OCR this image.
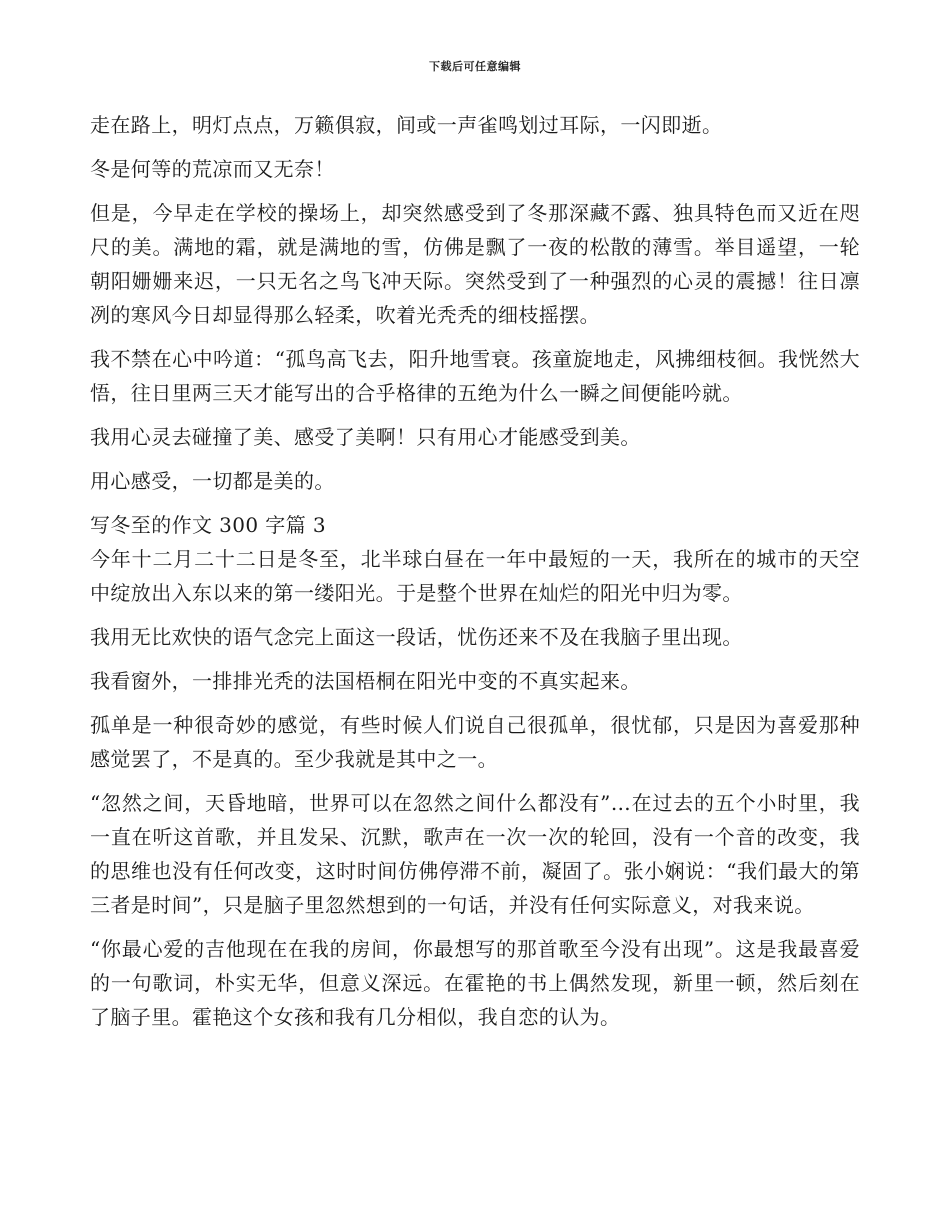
下载后可任意编辑

走在路上，明灯点点，万籁俱寂，间或一声雀鸣划过耳际，一闪即逝。

冬是何等的荒凉而又无奈！

但是，今早走在学校的操场上，却突然感受到了冬那深藏不露、独具特色而又近在咫尺的美。满地的霜，就是满地的雪，仿佛是飘了一夜的松散的薄雪。举目遥望，一轮朝阳姗姗来迟，一只无名之鸟飞冲天际。突然受到了一种强烈的心灵的震撼！往日凛冽的寒风今日却显得那么轻柔，吹着光秃秃的细枝摇摆。

我不禁在心中吟道：“孤鸟高飞去，阳升地雪衰。孩童旋地走，风拂细枝徊。我恍然大悟，往日里两三天才能写出的合乎格律的五绝为什么一瞬之间便能吟就。

我用心灵去碰撞了美、感受了美啊！只有用心才能感受到美。

用心感受，一切都是美的。

写冬至的作文 300 字篇 3

今年十二月二十二日是冬至，北半球白昼在一年中最短的一天，我所在的城市的天空中绽放出入东以来的第一缕阳光。于是整个世界在灿烂的阳光中归为零。

我用无比欢快的语气念完上面这一段话，忧伤还来不及在我脑子里出现。

我看窗外，一排排光秃的法国梧桐在阳光中变的不真实起来。

孤单是一种很奇妙的感觉，有些时候人们说自己很孤单，很忧郁，只是因为喜爱那种感觉罢了，不是真的。至少我就是其中之一。

“忽然之间，天昏地暗，世界可以在忽然之间什么都没有”…在过去的五个小时里，我一直在听这首歌，并且发呆、沉默，歌声在一次一次的轮回，没有一个音的改变，我的思维也没有任何改变，这时时间仿佛停滞不前，凝固了。张小娴说：“我们最大的第三者是时间”，只是脑子里忽然想到的一句话，并没有任何实际意义，对我来说。

“你最心爱的吉他现在在我的房间，你最想写的那首歌至今没有出现”。这是我最喜爱的一句歌词，朴实无华，但意义深远。在霍艳的书上偶然发现，新里一顿，然后刻在了脑子里。霍艳这个女孩和我有几分相似，我自恋的认为。
